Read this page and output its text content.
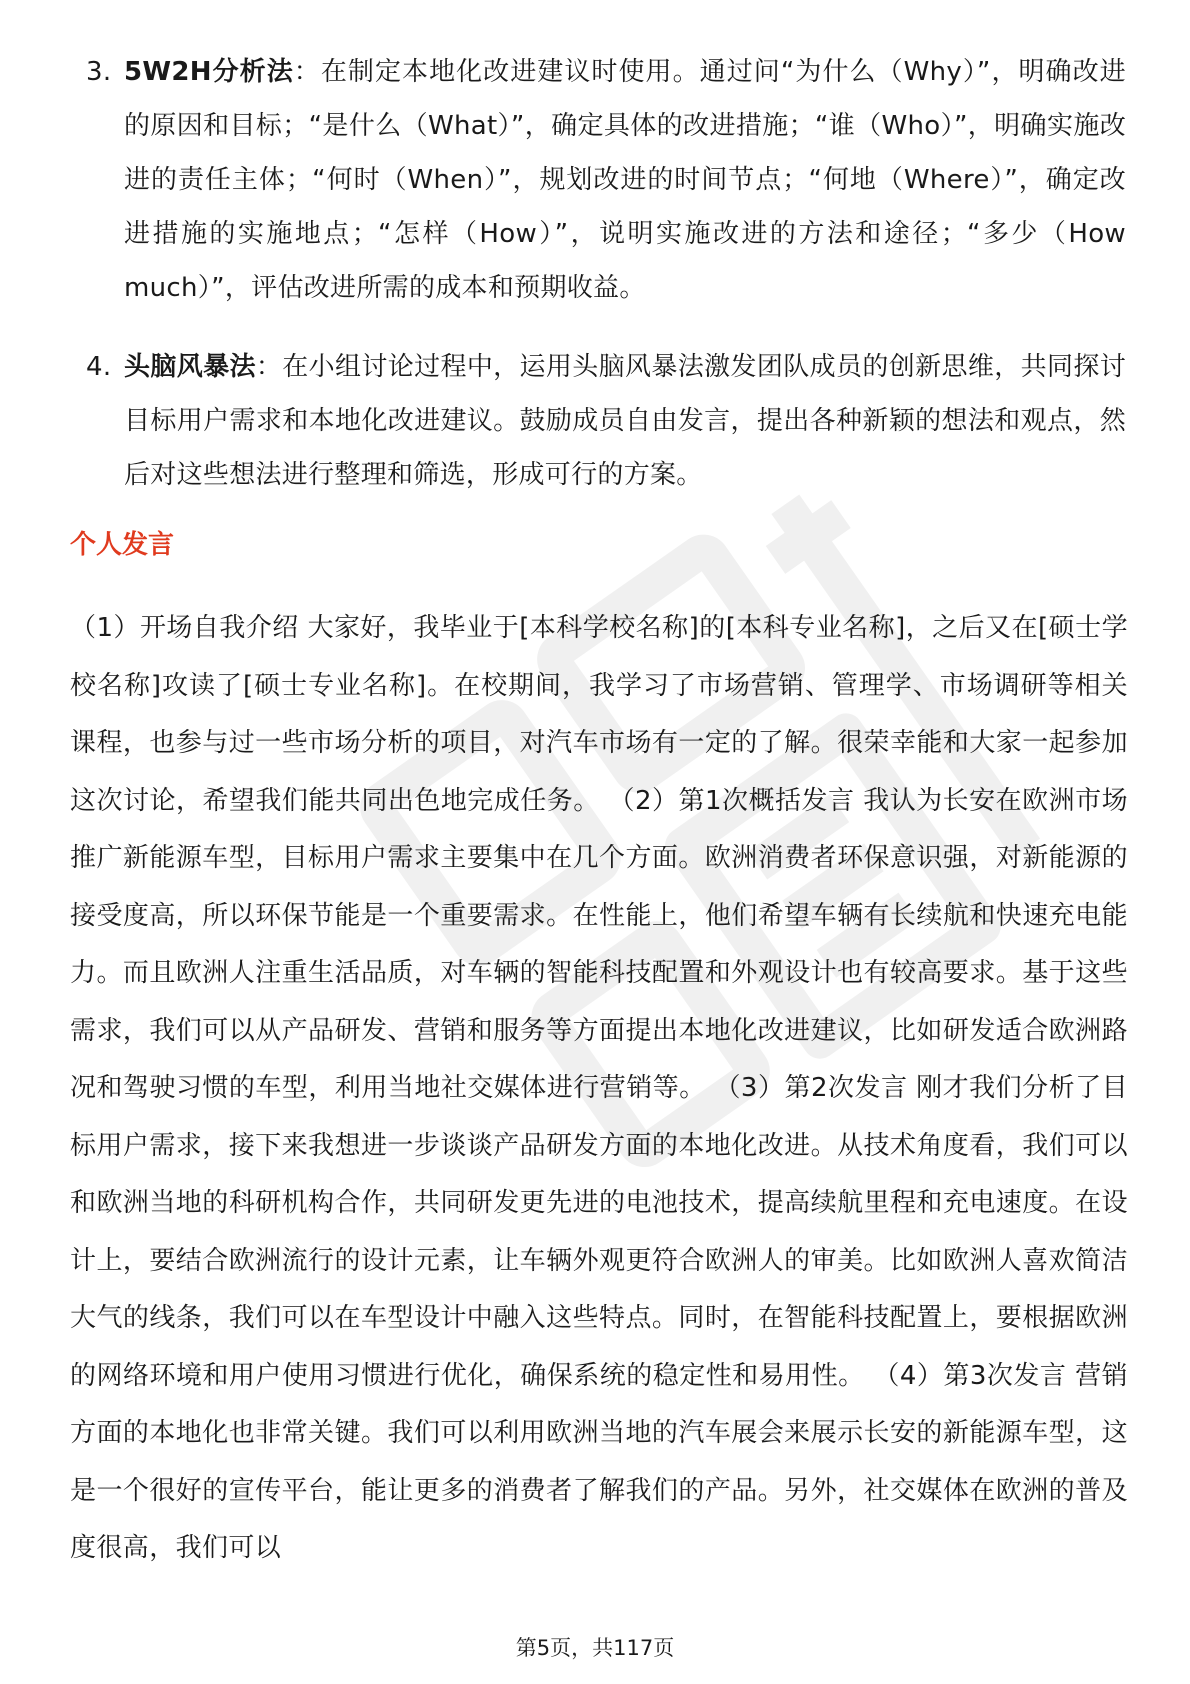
3. 5W2H分析法：在制定本地化改进建议时使用。通过问“为什么（Why）”，明确改进的原因和目标；“是什么（What）”，确定具体的改进措施；“谁（Who）”，明确实施改进的责任主体；“何时（When）”，规划改进的时间节点；“何地（Where）”，确定改进措施的实施地点；“怎样（How）”，说明实施改进的方法和途径；“多少（How much）”，评估改进所需的成本和预期收益。
4. 头脑风暴法：在小组讨论过程中，运用头脑风暴法激发团队成员的创新思维，共同探讨目标用户需求和本地化改进建议。鼓励成员自由发言，提出各种新颖的想法和观点，然后对这些想法进行整理和筛选，形成可行的方案。
个人发言
（1）开场自我介绍 大家好，我毕业于[本科学校名称]的[本科专业名称]，之后又在[硕士学校名称]攻读了[硕士专业名称]。在校期间，我学习了市场营销、管理学、市场调研等相关课程，也参与过一些市场分析的项目，对汽车市场有一定的了解。很荣幸能和大家一起参加这次讨论，希望我们能共同出色地完成任务。 （2）第1次概括发言 我认为长安在欧洲市场推广新能源车型，目标用户需求主要集中在几个方面。欧洲消费者环保意识强，对新能源的接受度高，所以环保节能是一个重要需求。在性能上，他们希望车辆有长续航和快速充电能力。而且欧洲人注重生活品质，对车辆的智能科技配置和外观设计也有较高要求。基于这些需求，我们可以从产品研发、营销和服务等方面提出本地化改进建议，比如研发适合欧洲路况和驾驶习惯的车型，利用当地社交媒体进行营销等。 （3）第2次发言 刚才我们分析了目标用户需求，接下来我想进一步谈谈产品研发方面的本地化改进。从技术角度看，我们可以和欧洲当地的科研机构合作，共同研发更先进的电池技术，提高续航里程和充电速度。在设计上，要结合欧洲流行的设计元素，让车辆外观更符合欧洲人的审美。比如欧洲人喜欢简洁大气的线条，我们可以在车型设计中融入这些特点。同时，在智能科技配置上，要根据欧洲的网络环境和用户使用习惯进行优化，确保系统的稳定性和易用性。 （4）第3次发言 营销方面的本地化也非常关键。我们可以利用欧洲当地的汽车展会来展示长安的新能源车型，这是一个很好的宣传平台，能让更多的消费者了解我们的产品。另外，社交媒体在欧洲的普及度很高，我们可以
第5页，共117页
